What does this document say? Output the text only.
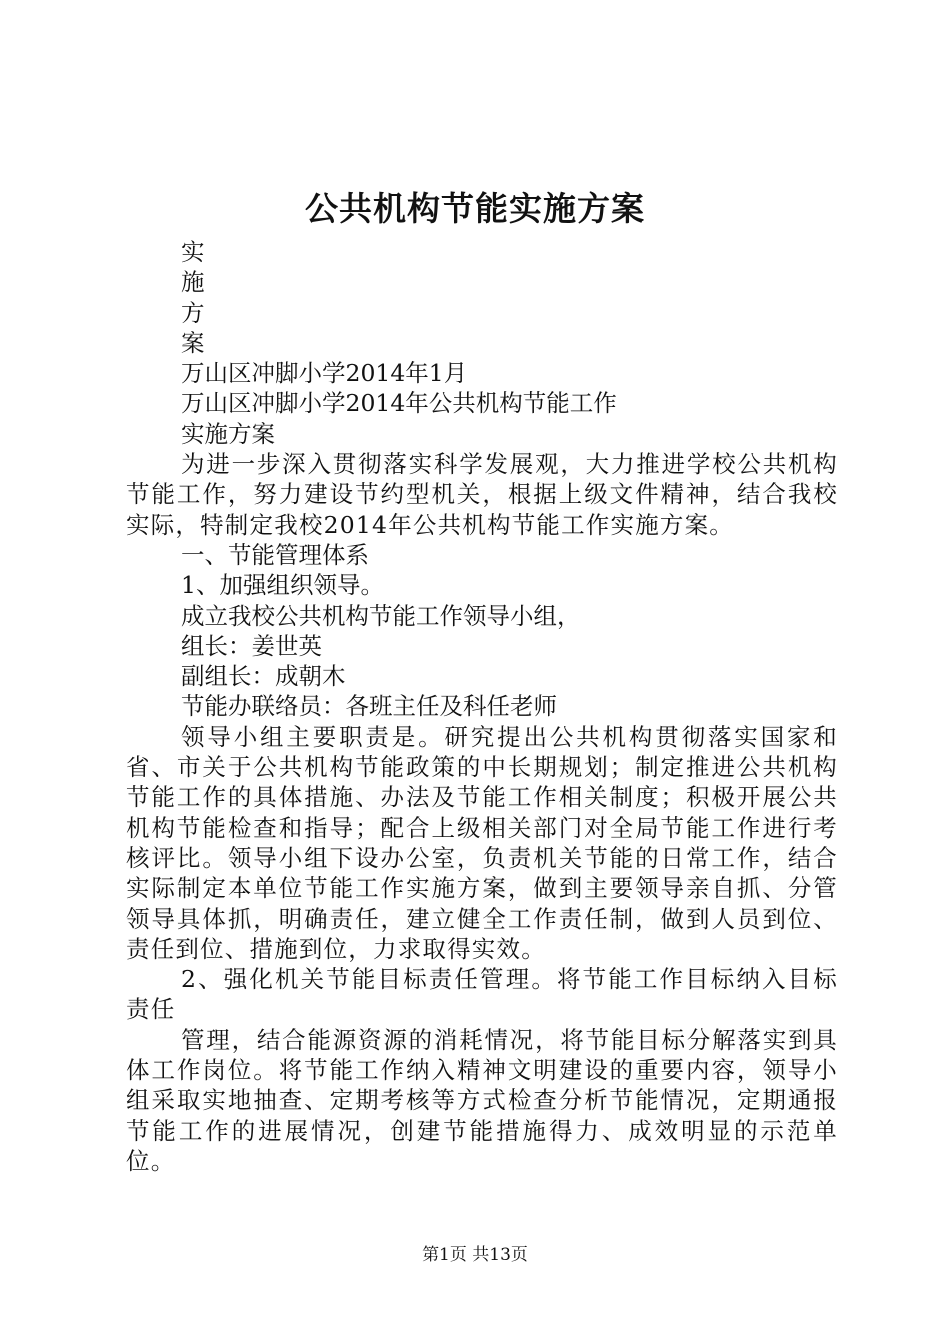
公共机构节能实施方案

实

施

方

案

万山区冲脚小学2014年1月

万山区冲脚小学2014年公共机构节能工作

实施方案

为进一步深入贯彻落实科学发展观，大力推进学校公共机构节能工作，努力建设节约型机关，根据上级文件精神，结合我校实际，特制定我校2014年公共机构节能工作实施方案。

一、节能管理体系

1、加强组织领导。

成立我校公共机构节能工作领导小组，

组长：姜世英

副组长：成朝木

节能办联络员：各班主任及科任老师

领导小组主要职责是。研究提出公共机构贯彻落实国家和省、市关于公共机构节能政策的中长期规划；制定推进公共机构节能工作的具体措施、办法及节能工作相关制度；积极开展公共机构节能检查和指导；配合上级相关部门对全局节能工作进行考核评比。领导小组下设办公室，负责机关节能的日常工作，结合实际制定本单位节能工作实施方案，做到主要领导亲自抓、分管领导具体抓，明确责任，建立健全工作责任制，做到人员到位、责任到位、措施到位，力求取得实效。

2、强化机关节能目标责任管理。将节能工作目标纳入目标责任

管理，结合能源资源的消耗情况，将节能目标分解落实到具体工作岗位。将节能工作纳入精神文明建设的重要内容，领导小组采取实地抽查、定期考核等方式检查分析节能情况，定期通报节能工作的进展情况，创建节能措施得力、成效明显的示范单位。

第1页 共13页
